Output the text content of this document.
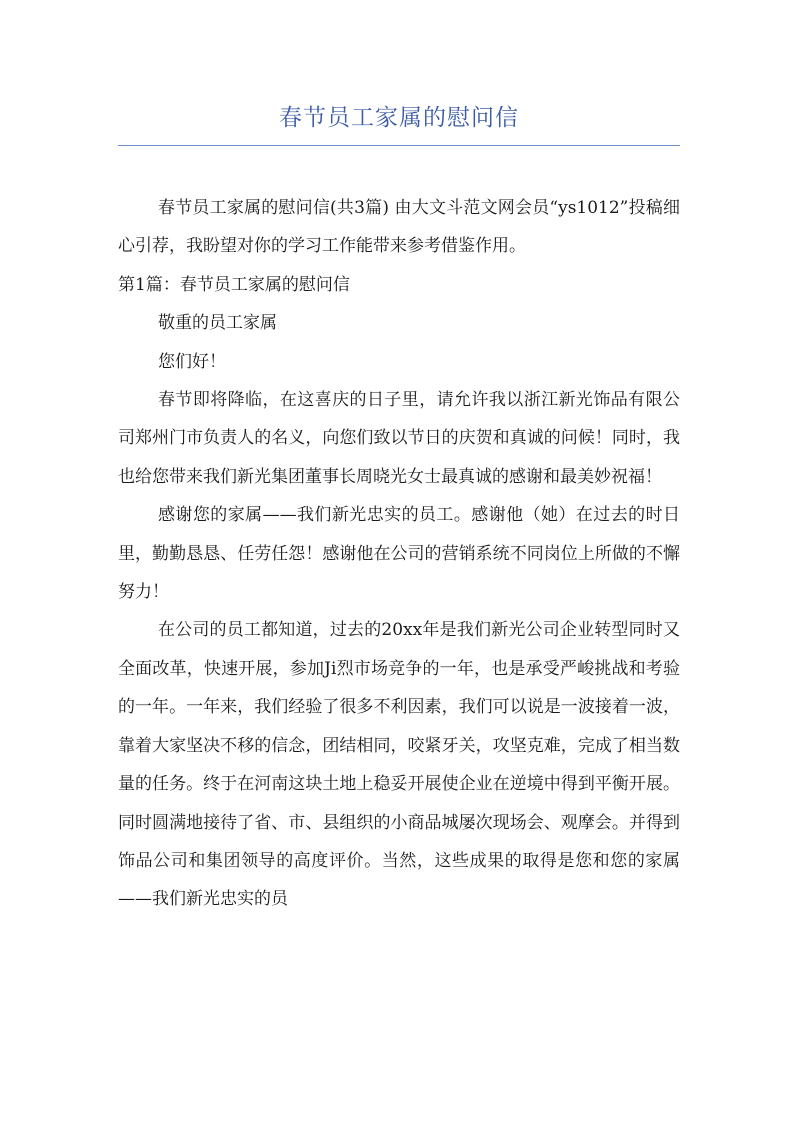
春节员工家属的慰问信

春节员工家属的慰问信(共3篇) 由大文斗范文网会员“ys1012”投稿细心引荐，我盼望对你的学习工作能带来参考借鉴作用。

第1篇：春节员工家属的慰问信

敬重的员工家属

您们好！

春节即将降临，在这喜庆的日子里，请允许我以浙江新光饰品有限公司郑州门市负责人的名义，向您们致以节日的庆贺和真诚的问候！同时，我也给您带来我们新光集团董事长周晓光女士最真诚的感谢和最美妙祝福！

感谢您的家属——我们新光忠实的员工。感谢他（她）在过去的时日里，勤勤恳恳、任劳任怨！感谢他在公司的营销系统不同岗位上所做的不懈努力！

在公司的员工都知道，过去的20xx年是我们新光公司企业转型同时又全面改革，快速开展，参加Ji烈市场竞争的一年，也是承受严峻挑战和考验的一年。一年来，我们经验了很多不利因素，我们可以说是一波接着一波，靠着大家坚决不移的信念，团结相同，咬紧牙关，攻坚克难，完成了相当数量的任务。终于在河南这块土地上稳妥开展使企业在逆境中得到平衡开展。同时圆满地接待了省、市、县组织的小商品城屡次现场会、观摩会。并得到饰品公司和集团领导的高度评价。当然，这些成果的取得是您和您的家属——我们新光忠实的员
